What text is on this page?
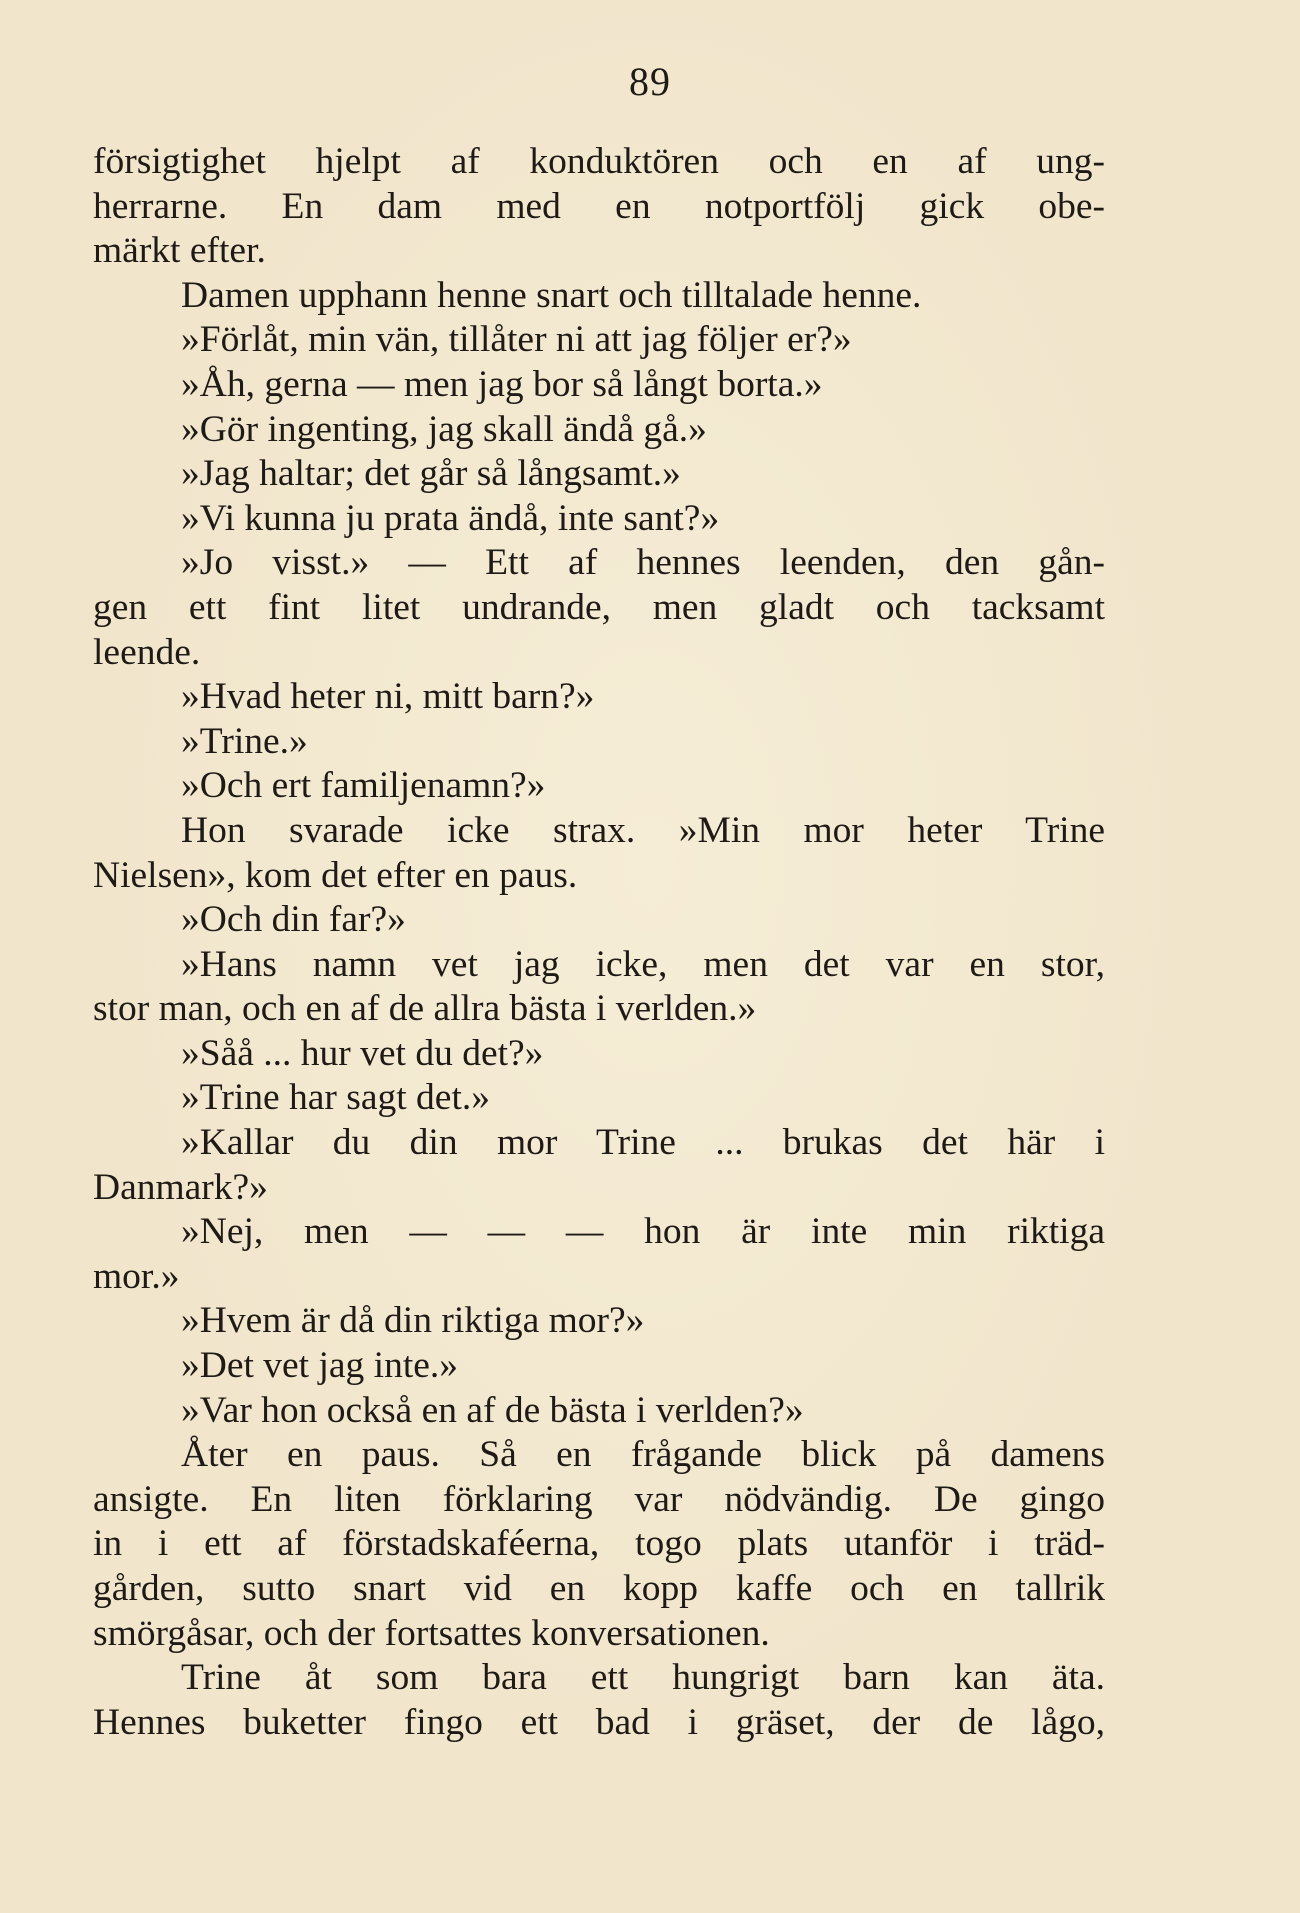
89
försigtighet hjelpt af konduktören och en af ung-
herrarne. En dam med en notportfölj gick obe-
märkt efter.
Damen upphann henne snart och tilltalade henne.
»Förlåt, min vän, tillåter ni att jag följer er?»
»Åh, gerna — men jag bor så långt borta.»
»Gör ingenting, jag skall ändå gå.»
»Jag haltar; det går så långsamt.»
»Vi kunna ju prata ändå, inte sant?»
»Jo visst.» — Ett af hennes leenden, den gån-
gen ett fint litet undrande, men gladt och tacksamt
leende.
»Hvad heter ni, mitt barn?»
»Trine.»
»Och ert familjenamn?»
Hon svarade icke strax. »Min mor heter Trine
Nielsen», kom det efter en paus.
»Och din far?»
»Hans namn vet jag icke, men det var en stor,
stor man, och en af de allra bästa i verlden.»
»Såå ... hur vet du det?»
»Trine har sagt det.»
»Kallar du din mor Trine ... brukas det här i
Danmark?»
»Nej, men — — — hon är inte min riktiga
mor.»
»Hvem är då din riktiga mor?»
»Det vet jag inte.»
»Var hon också en af de bästa i verlden?»
Åter en paus. Så en frågande blick på damens
ansigte. En liten förklaring var nödvändig. De gingo
in i ett af förstadskaféerna, togo plats utanför i träd-
gården, sutto snart vid en kopp kaffe och en tallrik
smörgåsar, och der fortsattes konversationen.
Trine åt som bara ett hungrigt barn kan äta.
Hennes buketter fingo ett bad i gräset, der de lågo,
